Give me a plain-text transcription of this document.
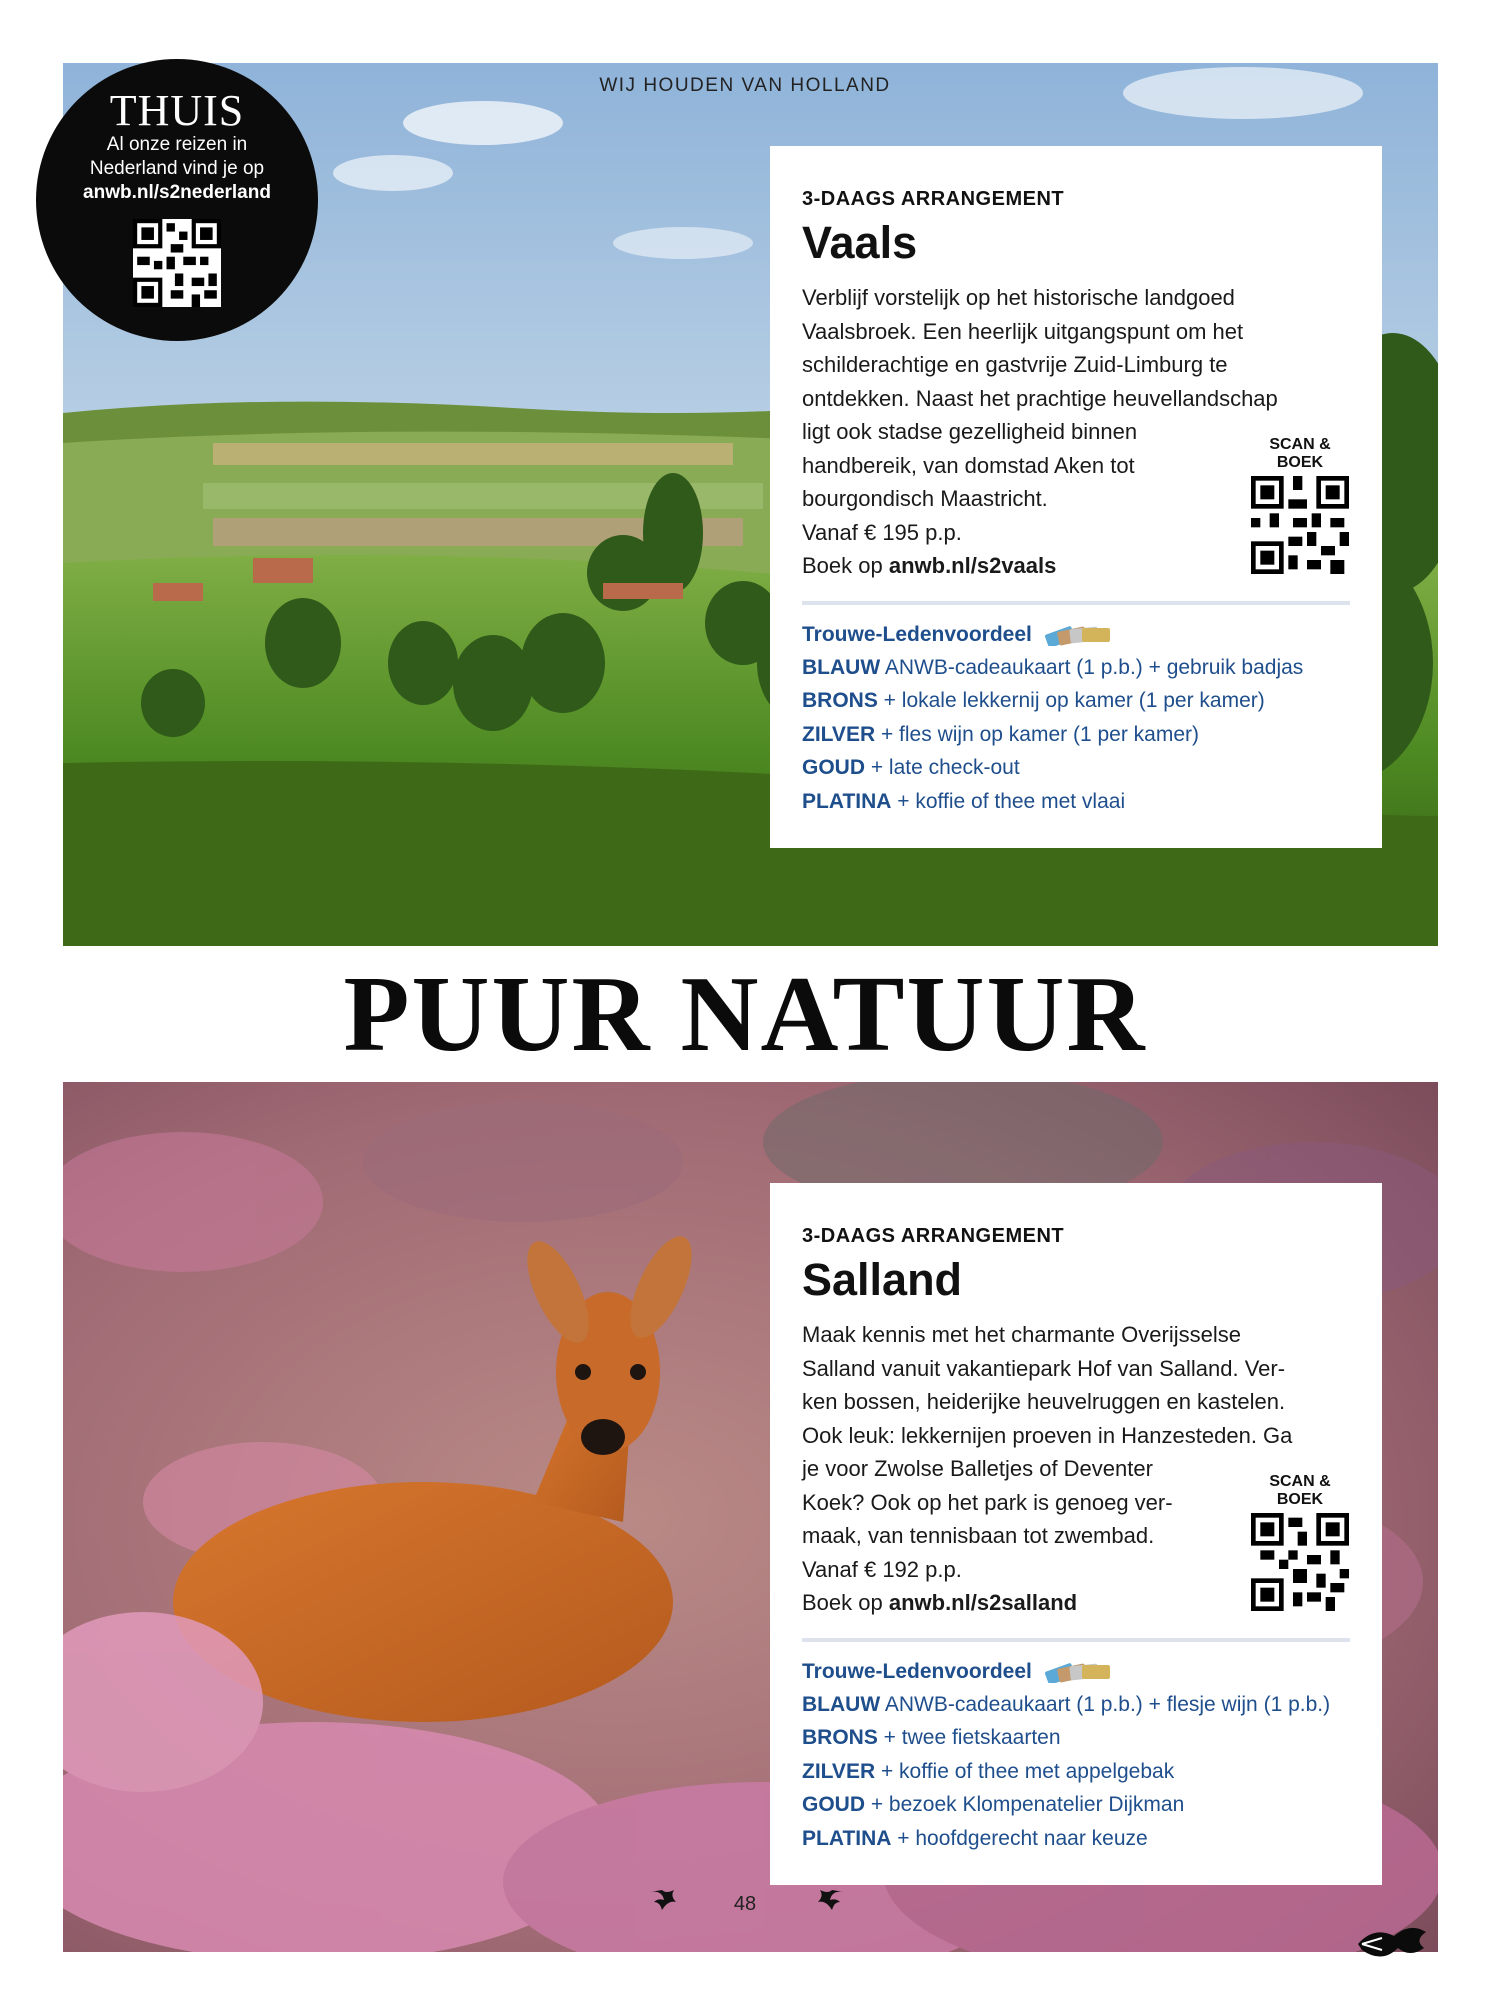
WIJ HOUDEN VAN HOLLAND
THUIS
Al onze reizen in
Nederland vind je op
anwb.nl/s2nederland	3-DAAGS ARRANGEMENT
Vaals
Verblijf vorstelijk op het historische landgoed
Vaalsbroek. Een heerlijk uitgangspunt om het
schilderachtige en gastvrije Zuid-Limburg te
ontdekken. Naast het prachtige heuvellandschap
ligt ook stadse gezelligheid binnen
handbereik, van domstad Aken tot
bourgondisch Maastricht.
Vanaf € 195 p.p.
Boek op anwb.nl/s2vaals
SCAN &
BOEK
Trouwe-Ledenvoordeel
BLAUW ANWB-cadeaukaart (1 p.b.) + gebruik badjas
BRONS + lokale lekkernij op kamer (1 per kamer)
ZILVER + fles wijn op kamer (1 per kamer)
GOUD + late check-out
PLATINA + koffie of thee met vlaai
PUUR NATUUR
3-DAAGS ARRANGEMENT
Salland
Maak kennis met het charmante Overijsselse
Salland vanuit vakantiepark Hof van Salland. Ver-
ken bossen, heiderijke heuvelruggen en kastelen.
Ook leuk: lekkernijen proeven in Hanzesteden. Ga
je voor Zwolse Balletjes of Deventer
Koek? Ook op het park is genoeg ver-
maak, van tennisbaan tot zwembad.
Vanaf € 192 p.p.
Boek op anwb.nl/s2salland
SCAN &
BOEK
Trouwe-Ledenvoordeel
BLAUW ANWB-cadeaukaart (1 p.b.) + flesje wijn (1 p.b.)
BRONS + twee fietskaarten
ZILVER + koffie of thee met appelgebak
GOUD + bezoek Klompenatelier Dijkman
PLATINA + hoofdgerecht naar keuze
48
